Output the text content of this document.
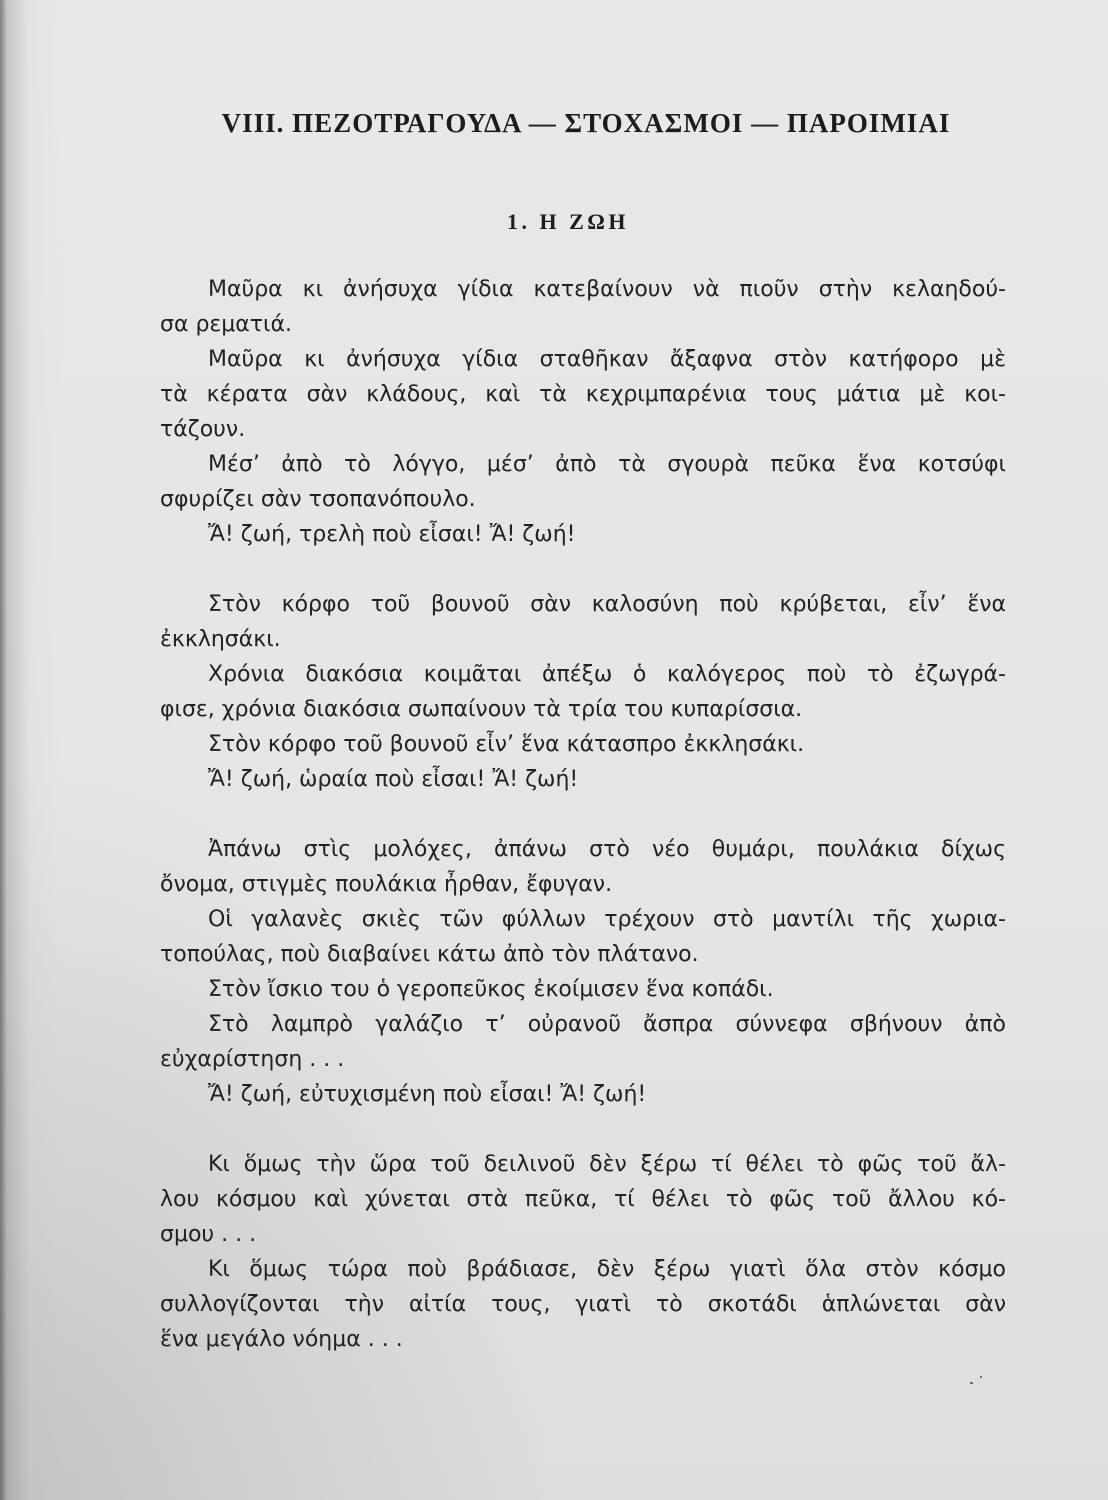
VIII. ΠΕΖΟΤΡΑΓΟΥΔΑ — ΣΤΟΧΑΣΜΟΙ — ΠΑΡΟΙΜΙΑΙ
1. Η ΖΩΗ
Μαῦρα κι ἀνήσυχα γίδια κατεβαίνουν νὰ πιοῦν στὴν κελαηδού-
σα ρεματιά.
Μαῦρα κι ἀνήσυχα γίδια σταθῆκαν ἄξαφνα στὸν κατήφορο μὲ
τὰ κέρατα σὰν κλάδους, καὶ τὰ κεχριμπαρένια τους μάτια μὲ κοι-
τάζουν.
Μέσ’ ἀπὸ τὸ λόγγο, μέσ’ ἀπὸ τὰ σγουρὰ πεῦκα ἕνα κοτσύφι
σφυρίζει σὰν τσοπανόπουλο.
Ἄ! ζωή, τρελὴ ποὺ εἶσαι! Ἄ! ζωή!
Στὸν κόρφο τοῦ βουνοῦ σὰν καλοσύνη ποὺ κρύβεται, εἶν’ ἕνα
ἐκκλησάκι.
Χρόνια διακόσια κοιμᾶται ἀπέξω ὁ καλόγερος ποὺ τὸ ἐζωγρά-
φισε, χρόνια διακόσια σωπαίνουν τὰ τρία του κυπαρίσσια.
Στὸν κόρφο τοῦ βουνοῦ εἶν’ ἕνα κάτασπρο ἐκκλησάκι.
Ἄ! ζωή, ὡραία ποὺ εἶσαι! Ἄ! ζωή!
Ἀπάνω στὶς μολόχες, ἀπάνω στὸ νέο θυμάρι, πουλάκια δίχως
ὄνομα, στιγμὲς πουλάκια ἦρθαν, ἔφυγαν.
Οἱ γαλανὲς σκιὲς τῶν φύλλων τρέχουν στὸ μαντίλι τῆς χωρια-
τοπούλας, ποὺ διαβαίνει κάτω ἀπὸ τὸν πλάτανο.
Στὸν ἴσκιο του ὁ γεροπεῦκος ἐκοίμισεν ἕνα κοπάδι.
Στὸ λαμπρὸ γαλάζιο τ’ οὐρανοῦ ἄσπρα σύννεφα σβήνουν ἀπὸ
εὐχαρίστηση . . .
Ἄ! ζωή, εὐτυχισμένη ποὺ εἶσαι! Ἄ! ζωή!
Κι ὅμως τὴν ὥρα τοῦ δειλινοῦ δὲν ξέρω τί θέλει τὸ φῶς τοῦ ἄλ-
λου κόσμου καὶ χύνεται στὰ πεῦκα, τί θέλει τὸ φῶς τοῦ ἄλλου κό-
σμου . . .
Κι ὅμως τώρα ποὺ βράδιασε, δὲν ξέρω γιατὶ ὅλα στὸν κόσμο
συλλογίζονται τὴν αἰτία τους, γιατὶ τὸ σκοτάδι ἁπλώνεται σὰν
ἕνα μεγάλο νόημα . . .
